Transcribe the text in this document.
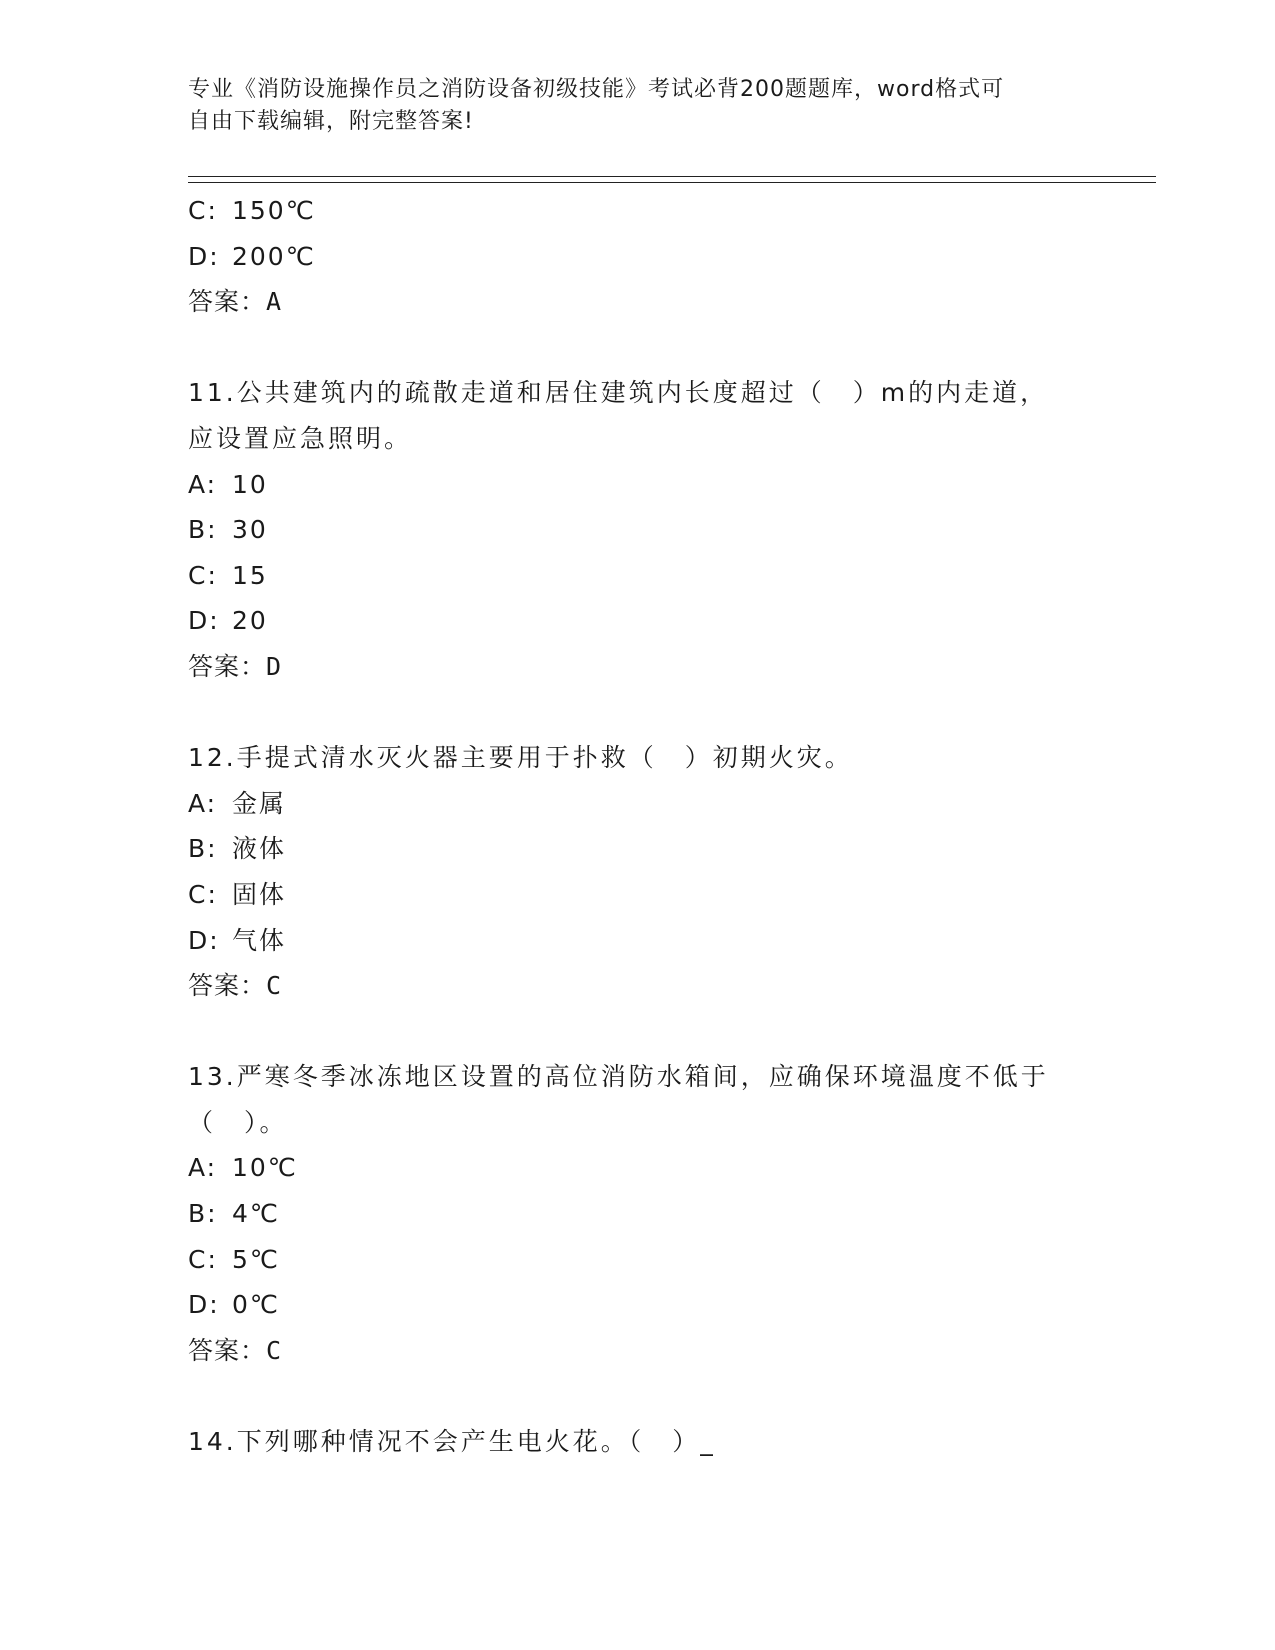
专业《消防设施操作员之消防设备初级技能》考试必背200题题库，word格式可
自由下载编辑，附完整答案!
C: 150℃
D: 200℃
答案：A
11.公共建筑内的疏散走道和居住建筑内长度超过（　）m的内走道，
应设置应急照明。
A: 10
B: 30
C: 15
D: 20
答案：D
12.手提式清水灭火器主要用于扑救（　）初期火灾。
A: 金属
B: 液体
C: 固体
D: 气体
答案：C
13.严寒冬季冰冻地区设置的高位消防水箱间，应确保环境温度不低于
（　）。
A: 10℃
B: 4℃
C: 5℃
D: 0℃
答案：C
14.下列哪种情况不会产生电火花。（　）_
